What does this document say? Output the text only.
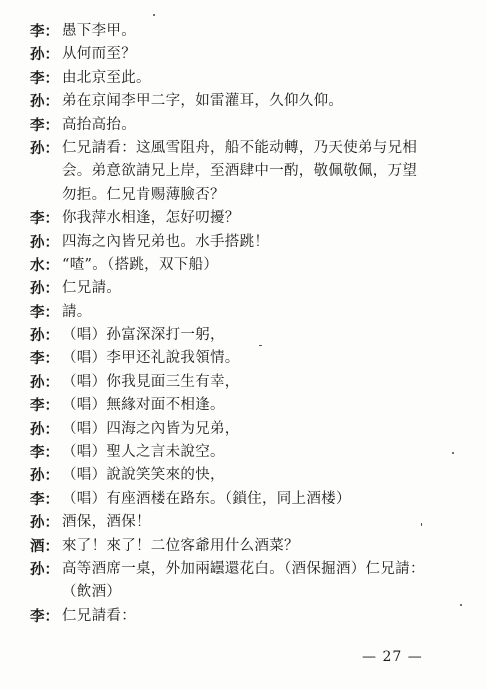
李： 愚下李甲。
孙： 从何而至？
李： 由北京至此。
孙： 弟在京闻李甲二字，如雷灌耳，久仰久仰。
李： 高抬高抬。
孙： 仁兄請看：这風雪阻舟，船不能动轉，乃天使弟与兄相
会。弟意欲請兄上岸，至酒肆中一酌，敬佩敬佩，万望
勿拒。仁兄肯赐薄臉否？
李： 你我萍水相逢，怎好叨擾？
孙： 四海之內皆兄弟也。水手搭跳！
水： “喳”。（搭跳，双下船）
孙： 仁兄請。
李： 請。
孙： （唱）孙富深深打一躬，
李： （唱）李甲还礼說我領情。
孙： （唱）你我見面三生有幸，
李： （唱）無緣对面不相逢。
孙： （唱）四海之內皆为兄弟，
李： （唱）聖人之言未說空。
孙： （唱）說說笑笑來的快，
李： （唱）有座酒楼在路东。（鎖住，同上酒楼）
孙： 酒保，酒保！
酒： 來了！來了！二位客爺用什么酒菜？
孙： 高等酒席一桌，外加兩罎還花白。（酒保掘酒）仁兄請：
（飲酒）
李： 仁兄請看：
— 27 —
